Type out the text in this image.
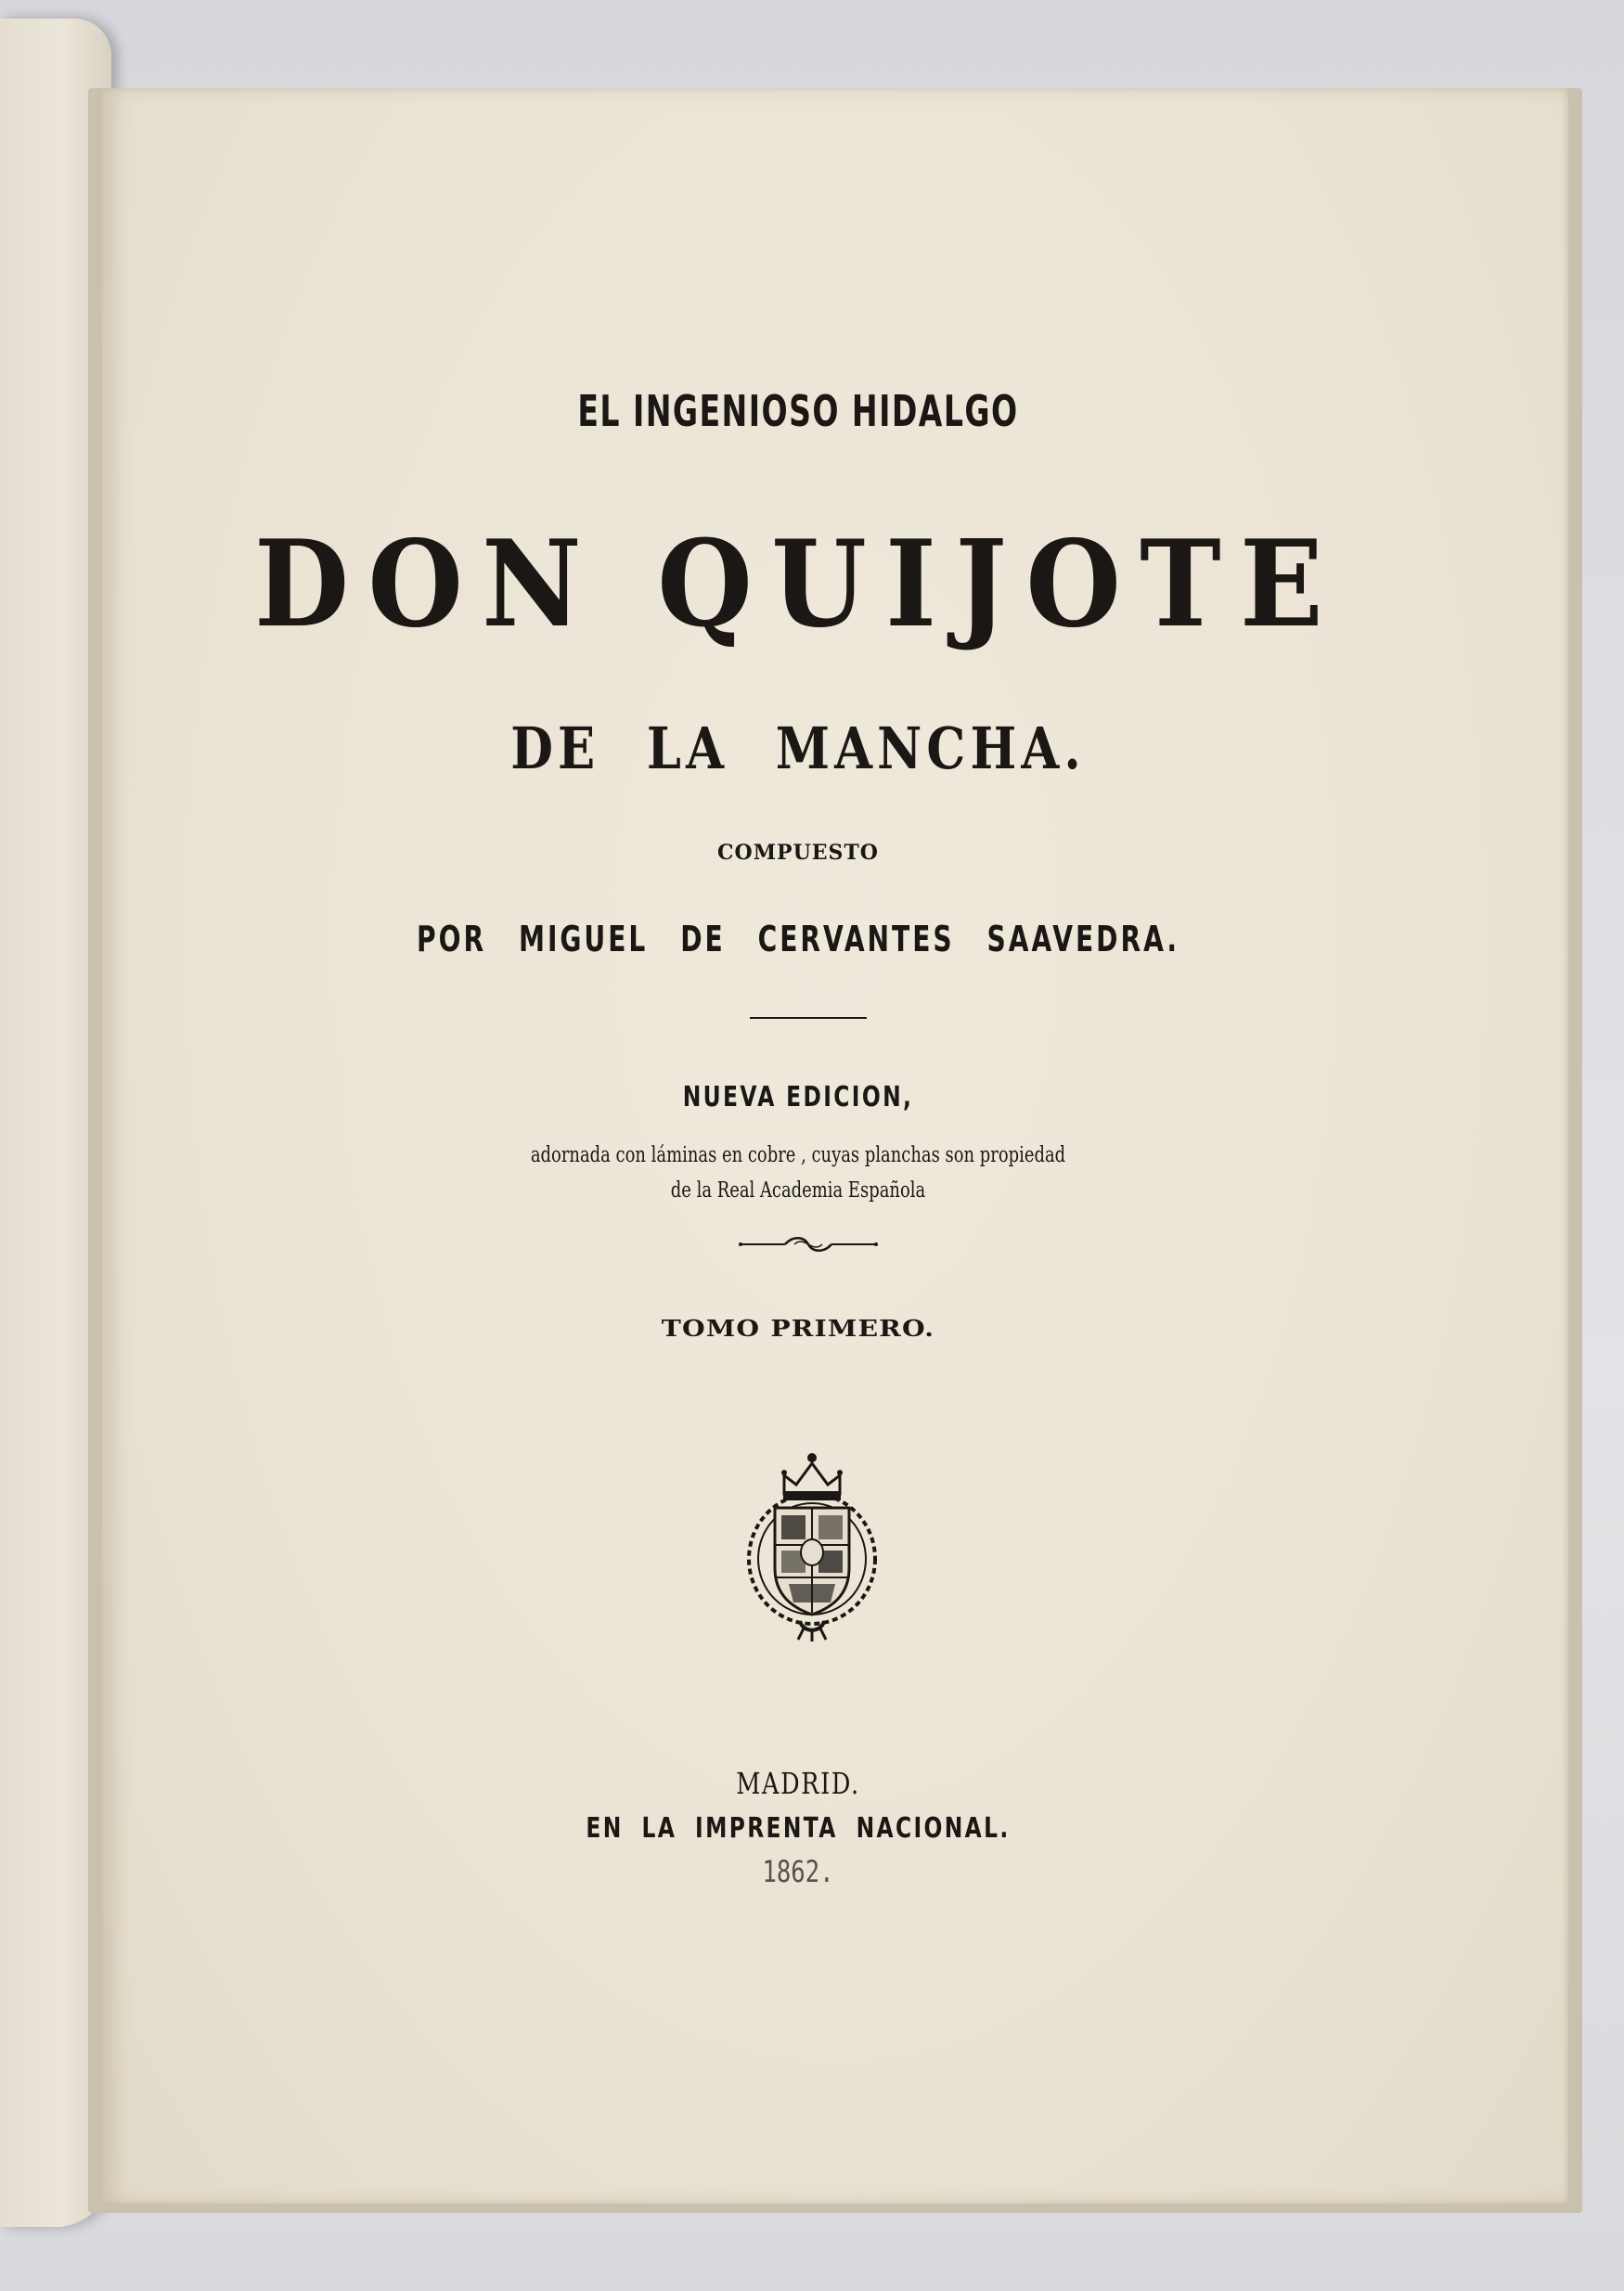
EL INGENIOSO HIDALGO

DON QUIJOTE

DE LA MANCHA.

COMPUESTO

POR MIGUEL DE CERVANTES SAAVEDRA.

NUEVA EDICION,

adornada con láminas en cobre , cuyas planchas son propiedad

de la Real Academia Española

TOMO PRIMERO.

MADRID.

EN LA IMPRENTA NACIONAL.

1862.
